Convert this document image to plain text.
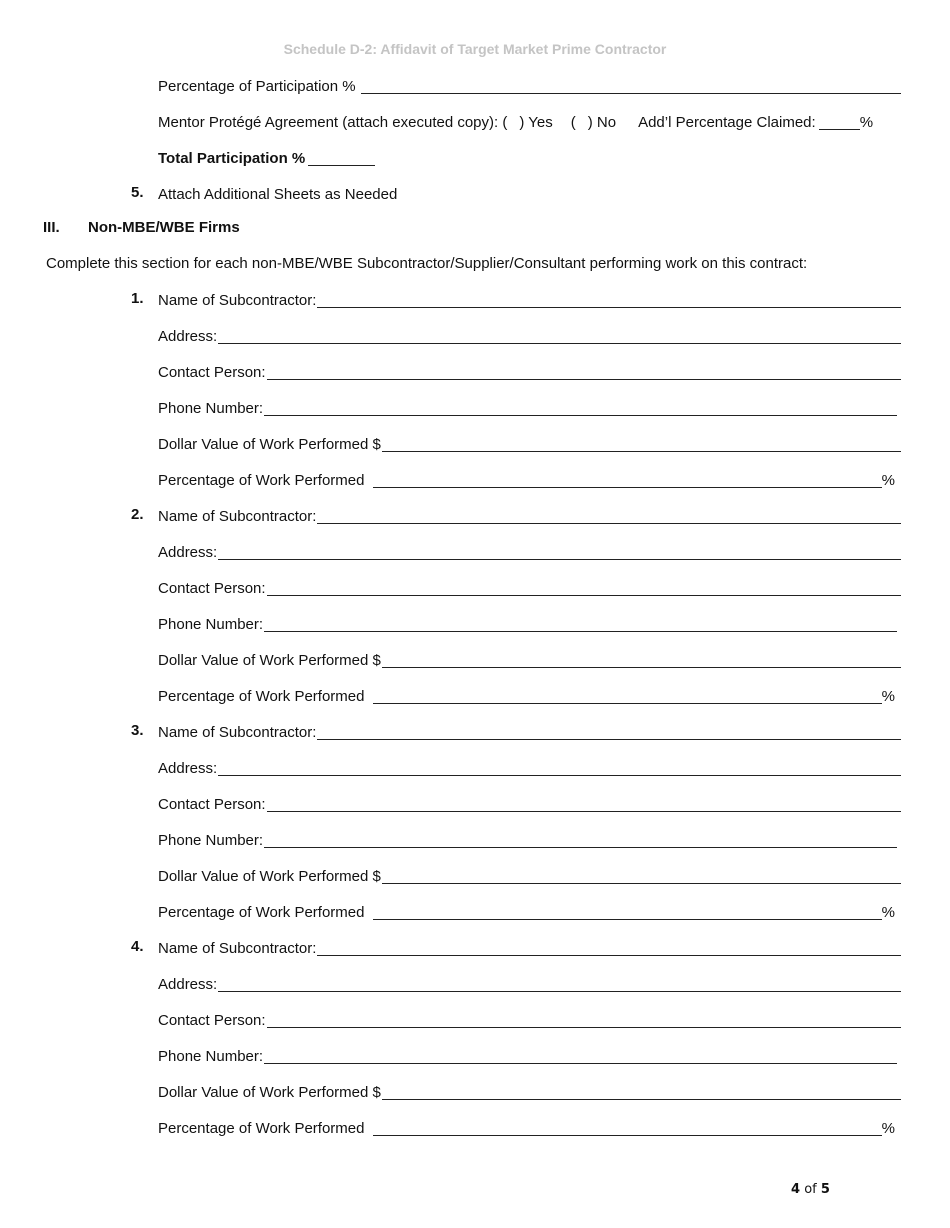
Schedule D-2: Affidavit of Target Market Prime Contractor
Percentage of Participation %
Mentor Protégé Agreement (attach executed copy): ( ) Yes ( ) No Add’l Percentage Claimed:	%
Total Participation %
5. Attach Additional Sheets as Needed
III. Non-MBE/WBE Firms
Complete this section for each non-MBE/WBE Subcontractor/Supplier/Consultant performing work on this contract:
1. Name of Subcontractor:
Address:
Contact Person:
Phone Number:
Dollar Value of Work Performed $
Percentage of Work Performed	%
2. Name of Subcontractor:
Address:
Contact Person:
Phone Number:
Dollar Value of Work Performed $
Percentage of Work Performed	%
3. Name of Subcontractor:
Address:
Contact Person:
Phone Number:
Dollar Value of Work Performed $
Percentage of Work Performed	%
4. Name of Subcontractor:
Address:
Contact Person:
Phone Number:
Dollar Value of Work Performed $
Percentage of Work Performed	%
4 of 5
